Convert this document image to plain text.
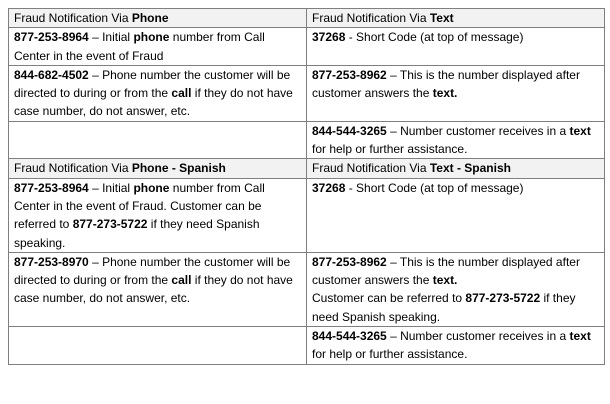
Fraud Notification Via Phone	Fraud Notification Via Text
877-253-8964 – Initial phone number from Call Center in the event of Fraud	37268 - Short Code (at top of message)
844-682-4502 – Phone number the customer will be directed to during or from the call if they do not have case number, do not answer, etc.	877-253-8962 – This is the number displayed after customer answers the text.
	844-544-3265 – Number customer receives in a text for help or further assistance.
Fraud Notification Via Phone - Spanish	Fraud Notification Via Text - Spanish
877-253-8964 – Initial phone number from Call Center in the event of Fraud. Customer can be referred to 877-273-5722 if they need Spanish speaking.	37268 - Short Code (at top of message)
877-253-8970 – Phone number the customer will be directed to during or from the call if they do not have case number, do not answer, etc.	877-253-8962 – This is the number displayed after customer answers the text.
Customer can be referred to 877-273-5722 if they need Spanish speaking.
	844-544-3265 – Number customer receives in a text for help or further assistance.
